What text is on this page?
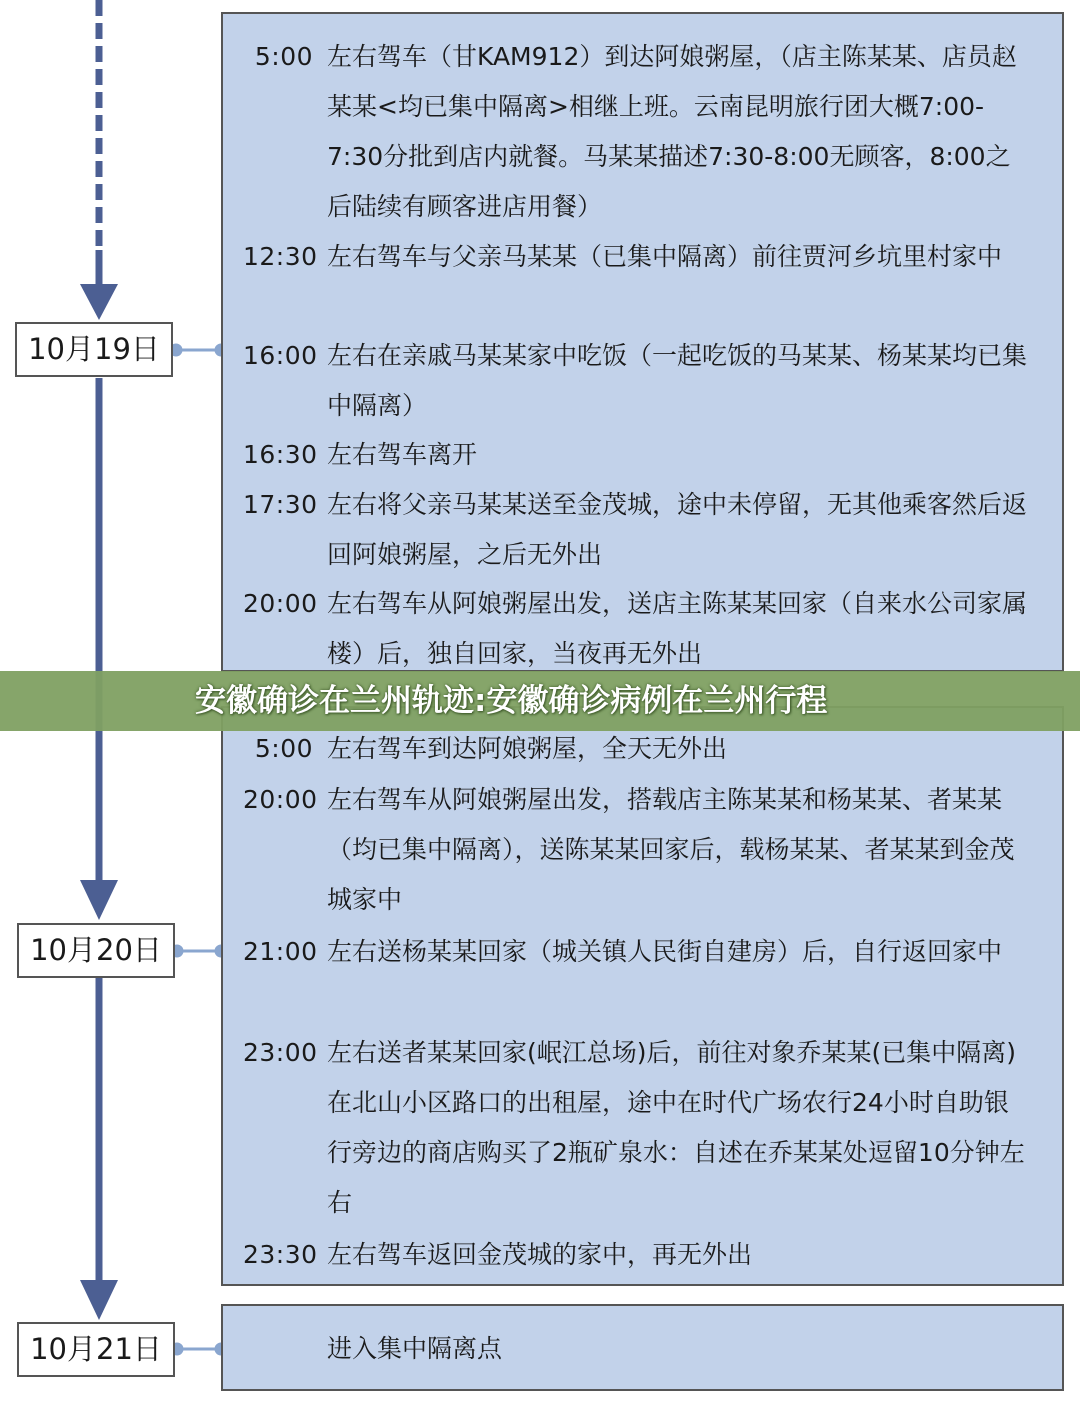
10月19日
10月20日
10月21日
5:00 左右驾车（甘KAM912）到达阿娘粥屋，（店主陈某某、店员赵某某<均已集中隔离>相继上班。云南昆明旅行团大概7:00-7:30分批到店内就餐。马某某描述7:30-8:00无顾客，8:00之后陆续有顾客进店用餐）
12:30 左右驾车与父亲马某某（已集中隔离）前往贾河乡坑里村家中
16:00 左右在亲戚马某某家中吃饭（一起吃饭的马某某、杨某某均已集中隔离）
16:30 左右驾车离开
17:30 左右将父亲马某某送至金茂城，途中未停留，无其他乘客然后返回阿娘粥屋，之后无外出
20:00 左右驾车从阿娘粥屋出发，送店主陈某某回家（自来水公司家属楼）后，独自回家，当夜再无外出
5:00 左右驾车到达阿娘粥屋，全天无外出
20:00 左右驾车从阿娘粥屋出发，搭载店主陈某某和杨某某、者某某（均已集中隔离），送陈某某回家后，载杨某某、者某某到金茂城家中
21:00 左右送杨某某回家（城关镇人民街自建房）后，自行返回家中
23:00 左右送者某某回家(岷江总场)后，前往对象乔某某(已集中隔离)在北山小区路口的出租屋，途中在时代广场农行24小时自助银行旁边的商店购买了2瓶矿泉水：自述在乔某某处逗留10分钟左右
23:30 左右驾车返回金茂城的家中，再无外出
进入集中隔离点
安徽确诊在兰州轨迹:安徽确诊病例在兰州行程
